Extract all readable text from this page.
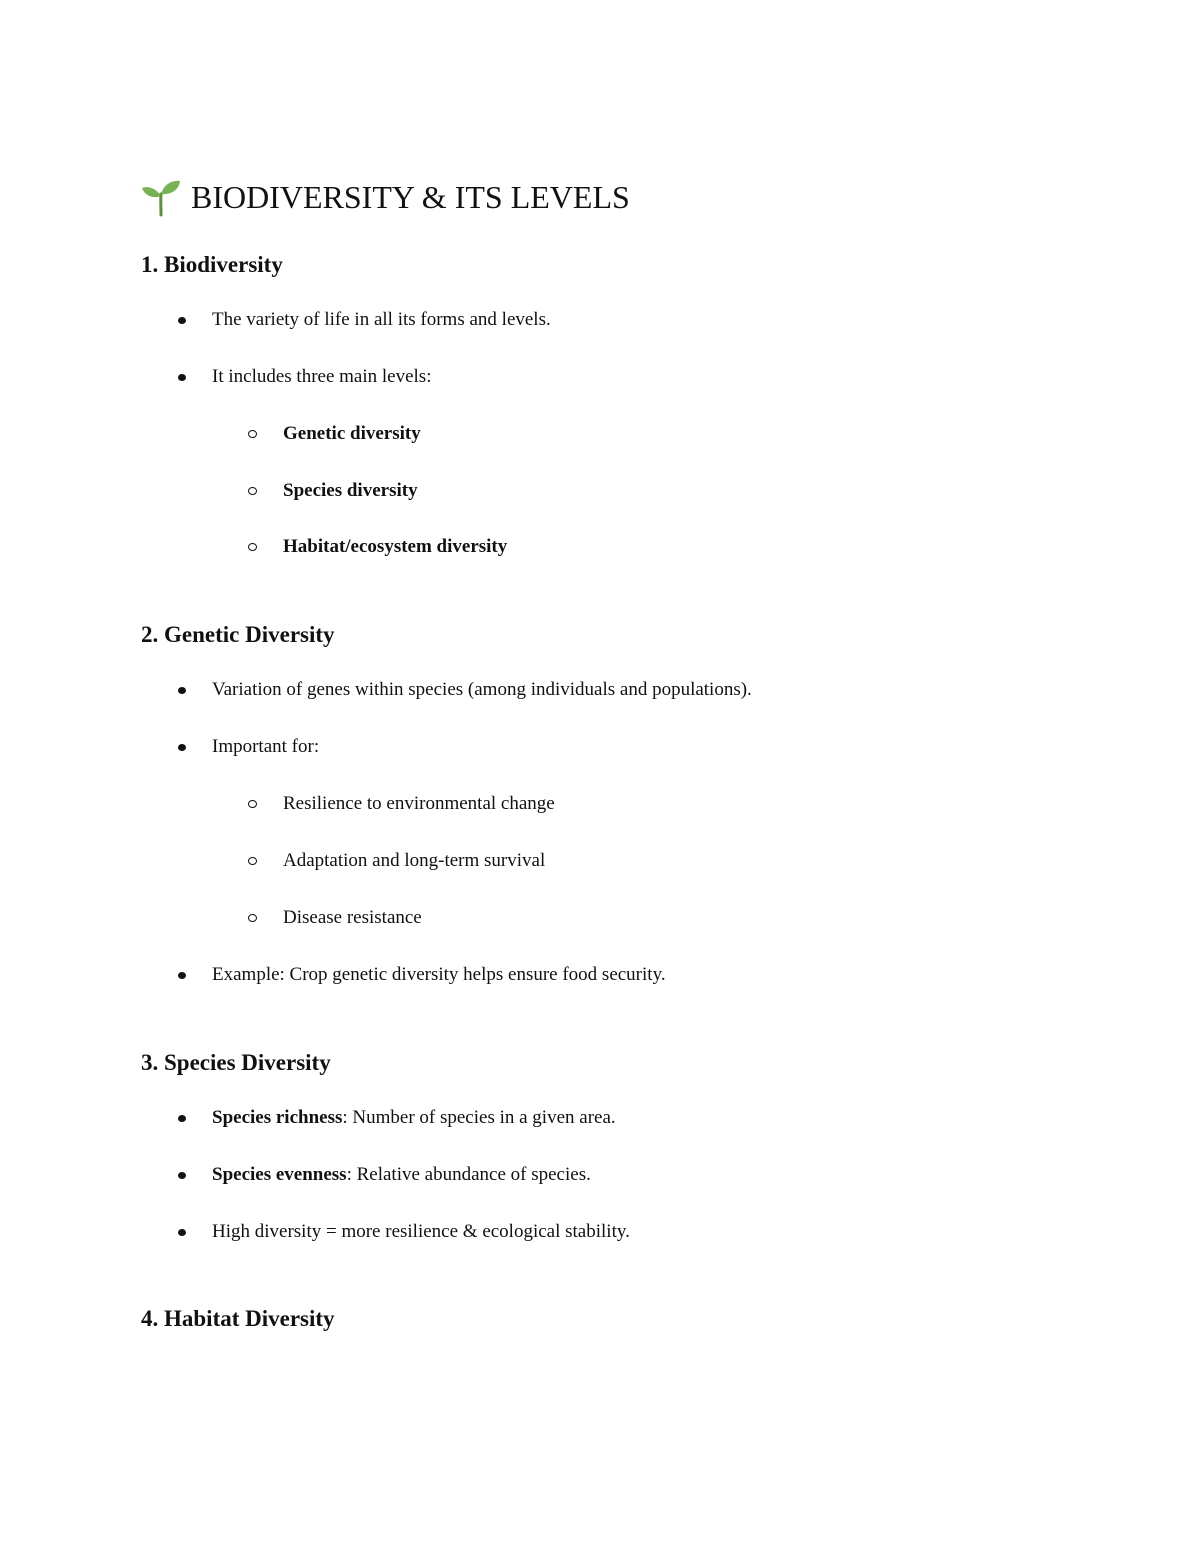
BIODIVERSITY & ITS LEVELS
1. Biodiversity
The variety of life in all its forms and levels.
It includes three main levels:
Genetic diversity
Species diversity
Habitat/ecosystem diversity
2. Genetic Diversity
Variation of genes within species (among individuals and populations).
Important for:
Resilience to environmental change
Adaptation and long-term survival
Disease resistance
Example: Crop genetic diversity helps ensure food security.
3. Species Diversity
Species richness: Number of species in a given area.
Species evenness: Relative abundance of species.
High diversity = more resilience & ecological stability.
4. Habitat Diversity
